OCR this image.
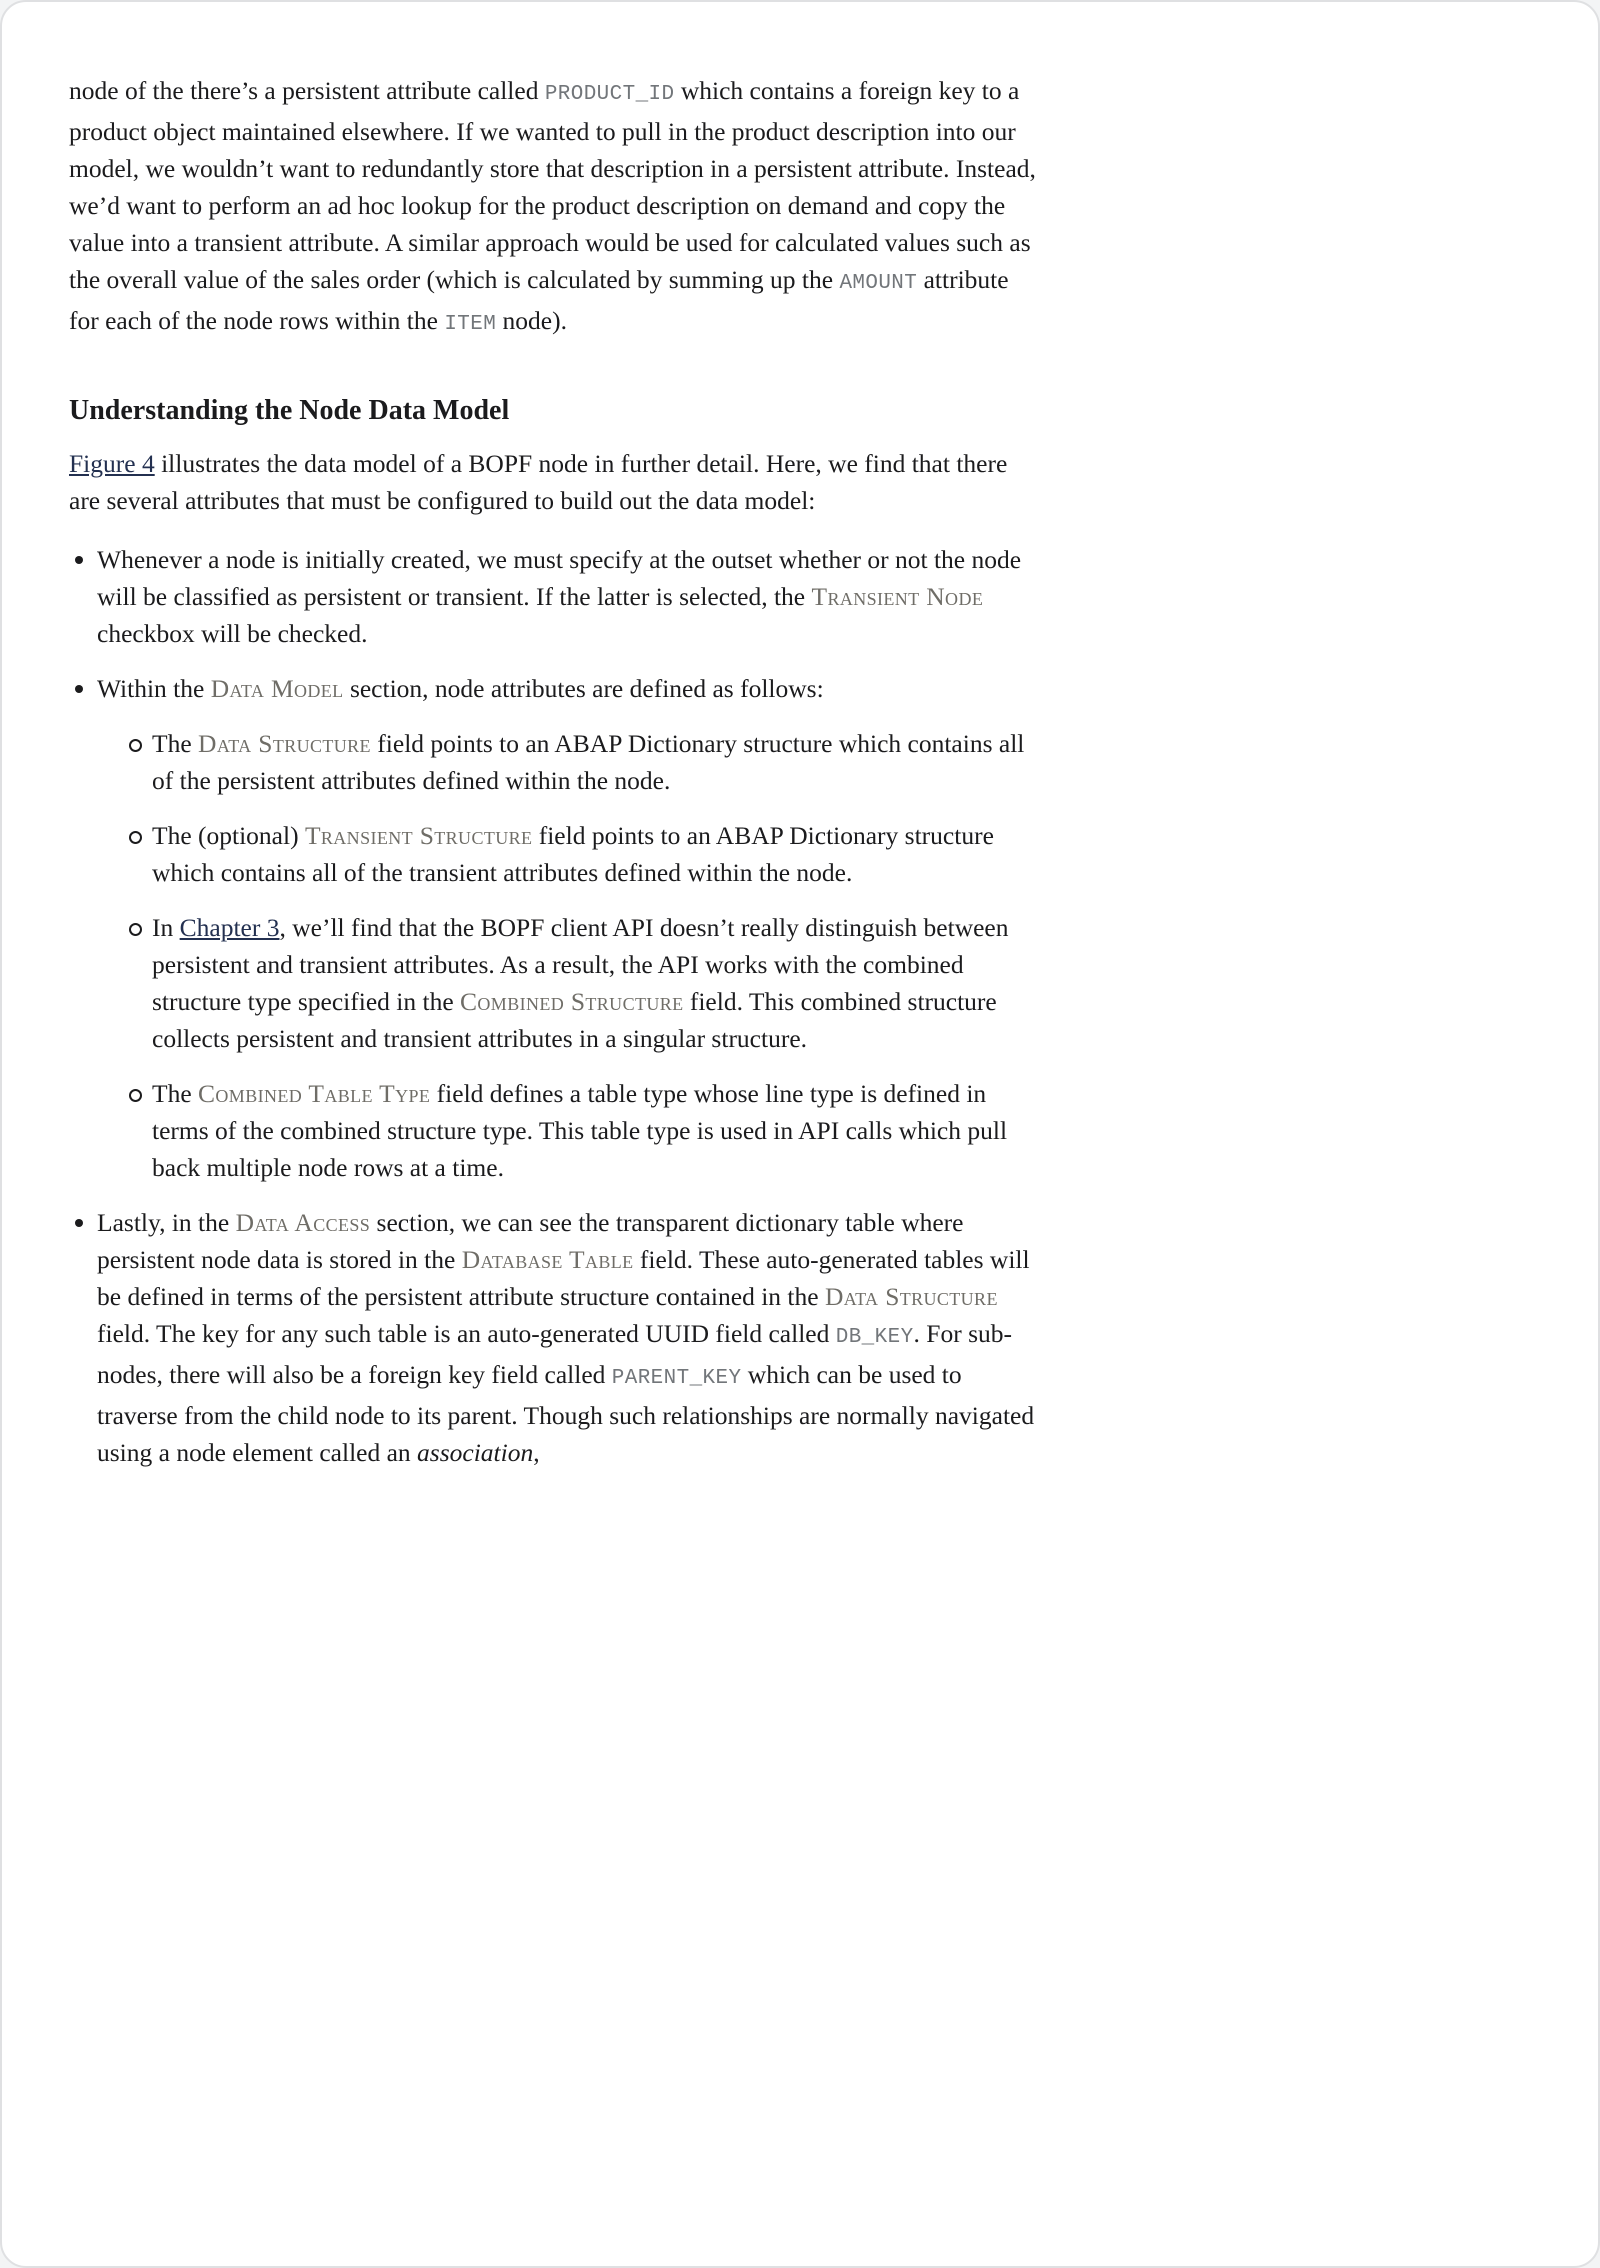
node of the there’s a persistent attribute called PRODUCT_ID which contains a foreign key to a product object maintained elsewhere. If we wanted to pull in the product description into our model, we wouldn’t want to redundantly store that description in a persistent attribute. Instead, we’d want to perform an ad hoc lookup for the product description on demand and copy the value into a transient attribute. A similar approach would be used for calculated values such as the overall value of the sales order (which is calculated by summing up the AMOUNT attribute for each of the node rows within the ITEM node).

Understanding the Node Data Model

Figure 4 illustrates the data model of a BOPF node in further detail. Here, we find that there are several attributes that must be configured to build out the data model:

Whenever a node is initially created, we must specify at the outset whether or not the node will be classified as persistent or transient. If the latter is selected, the Transient Node checkbox will be checked.
Within the Data Model section, node attributes are defined as follows:
The Data Structure field points to an ABAP Dictionary structure which contains all of the persistent attributes defined within the node.
The (optional) Transient Structure field points to an ABAP Dictionary structure which contains all of the transient attributes defined within the node.
In Chapter 3, we’ll find that the BOPF client API doesn’t really distinguish between persistent and transient attributes. As a result, the API works with the combined structure type specified in the Combined Structure field. This combined structure collects persistent and transient attributes in a singular structure.
The Combined Table Type field defines a table type whose line type is defined in terms of the combined structure type. This table type is used in API calls which pull back multiple node rows at a time.
Lastly, in the Data Access section, we can see the transparent dictionary table where persistent node data is stored in the Database Table field. These auto-generated tables will be defined in terms of the persistent attribute structure contained in the Data Structure field. The key for any such table is an auto-generated UUID field called DB_KEY. For sub-nodes, there will also be a foreign key field called PARENT_KEY which can be used to traverse from the child node to its parent. Though such relationships are normally navigated using a node element called an association,
